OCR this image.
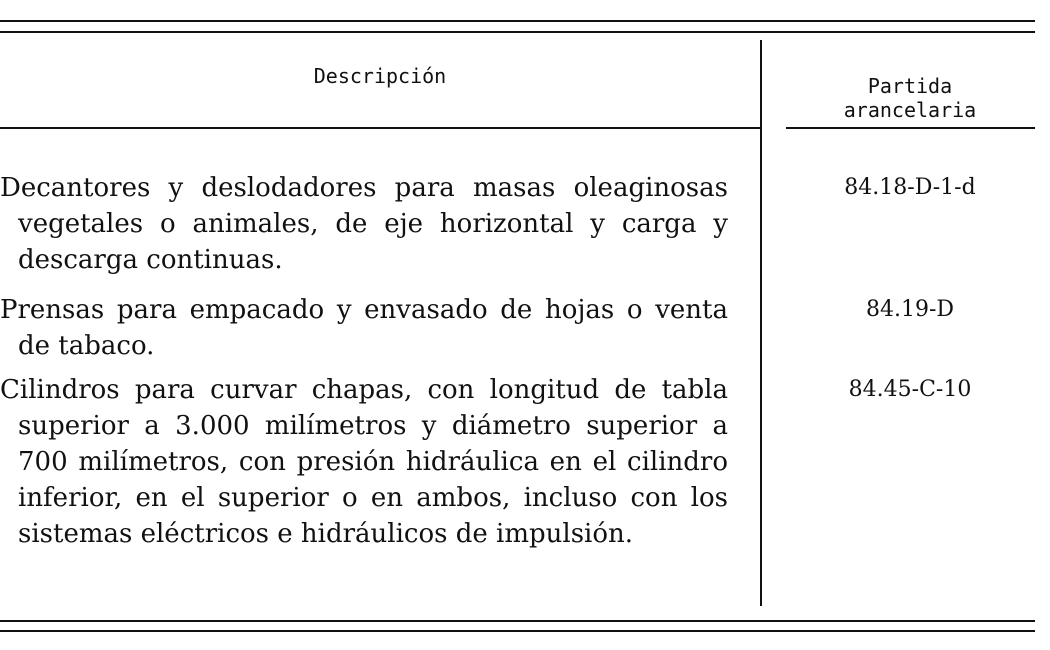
Descripción	Partida
arancelaria

Decantores y deslodadores para masas oleaginosas vegetales o animales, de eje horizontal y carga y descarga continuas.

84.18-D-1-d

Prensas para empacado y envasado de hojas o venta de tabaco.

84.19-D

Cilindros para curvar chapas, con longitud de tabla superior a 3.000 milímetros y diámetro superior a 700 milímetros, con presión hidráulica en el cilindro inferior, en el superior o en ambos, incluso con los sistemas eléctricos e hidráulicos de impulsión.

84.45-C-10
